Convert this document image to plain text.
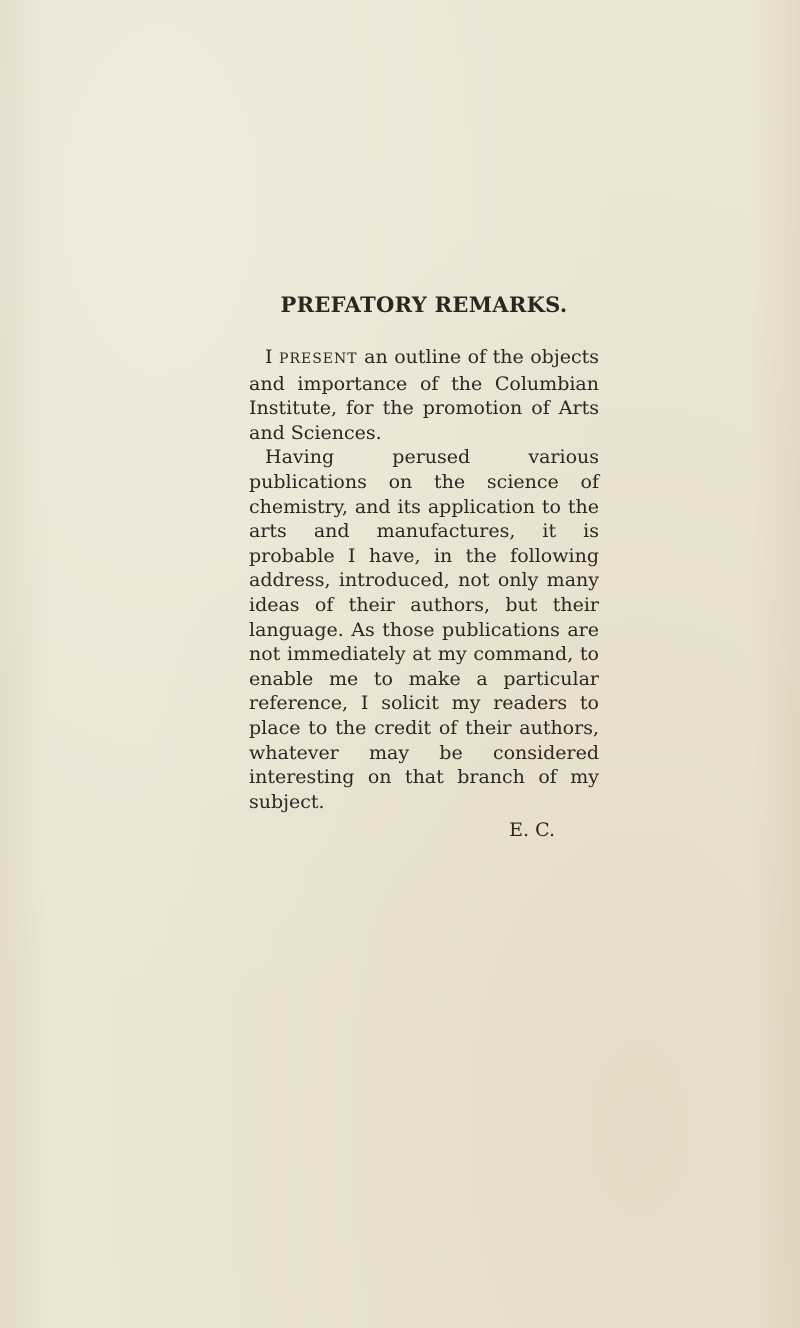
PREFATORY REMARKS.

I PRESENT an outline of the objects and importance of the Columbian Institute, for the promotion of Arts and Sciences.

Having perused various publications on the science of chemistry, and its application to the arts and manufactures, it is probable I have, in the following address, introduced, not only many ideas of their authors, but their language. As those publications are not immediately at my command, to enable me to make a particular reference, I solicit my readers to place to the credit of their authors, whatever may be considered interesting on that branch of my subject.

E. C.
